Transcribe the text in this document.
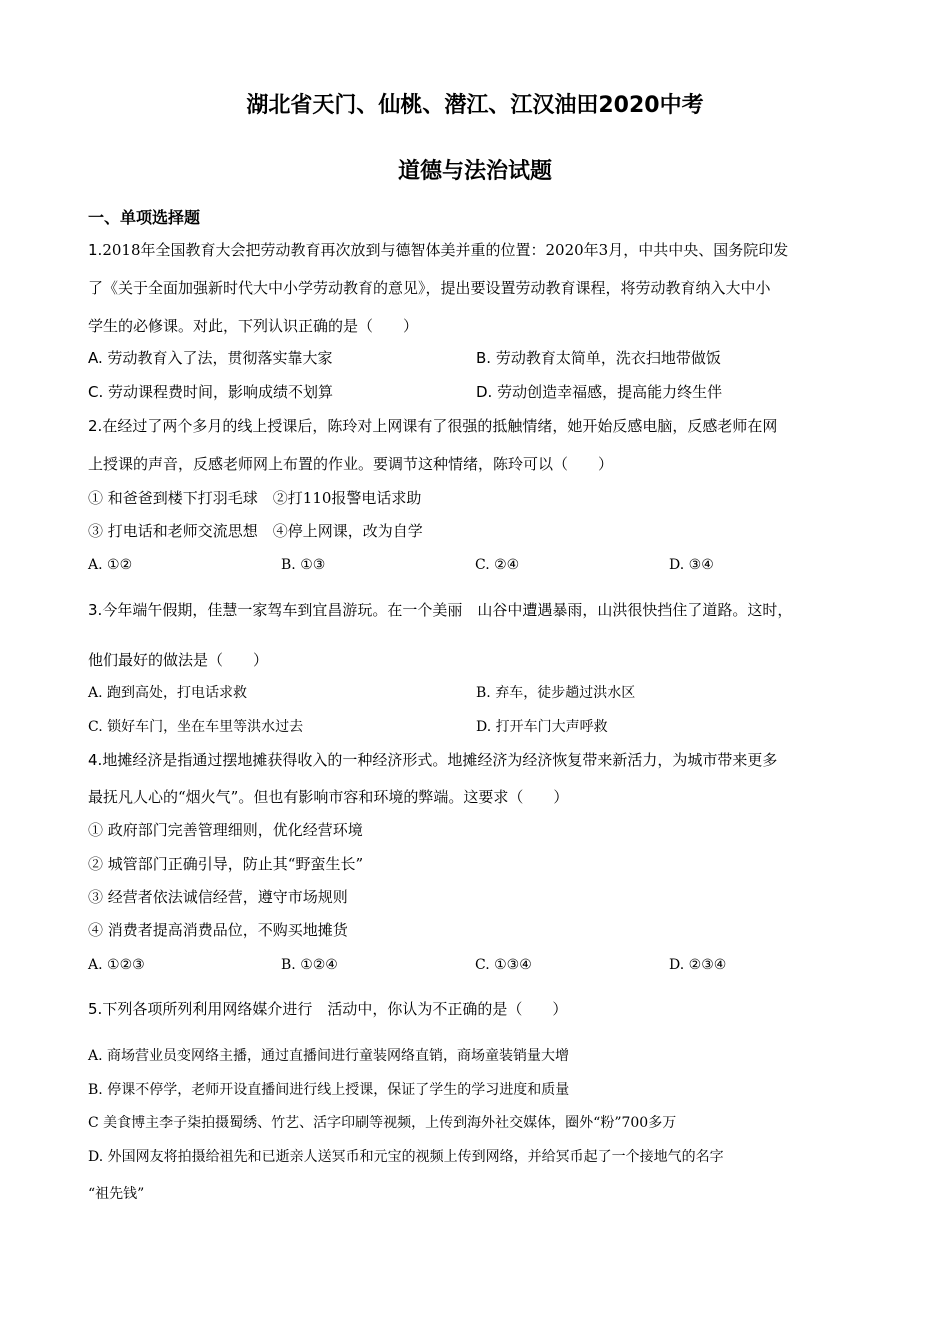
湖北省天门、仙桃、潜江、江汉油田2020中考
道德与法治试题
一、单项选择题
1.2018年全国教育大会把劳动教育再次放到与德智体美并重的位置：2020年3月，中共中央、国务院印发
了《关于全面加强新时代大中小学劳动教育的意见》，提出要设置劳动教育课程，将劳动教育纳入大中小
学生的必修课。对此，下列认识正确的是（　　）
A. 劳动教育入了法，贯彻落实靠大家	B. 劳动教育太简单，洗衣扫地带做饭
C. 劳动课程费时间，影响成绩不划算	D. 劳动创造幸福感，提高能力终生伴
2.在经过了两个多月的线上授课后，陈玲对上网课有了很强的抵触情绪，她开始反感电脑，反感老师在网
上授课的声音，反感老师网上布置的作业。要调节这种情绪，陈玲可以（　　）
① 和爸爸到楼下打羽毛球　②打110报警电话求助
③ 打电话和老师交流思想　④停上网课，改为自学
A. ①②	B. ①③	C. ②④	D. ③④
3.今年端午假期，佳慧一家驾车到宜昌游玩。在一个美丽　山谷中遭遇暴雨，山洪很快挡住了道路。这时，
他们最好的做法是（　　）
A. 跑到高处，打电话求救	B. 弃车，徒步趟过洪水区
C. 锁好车门，坐在车里等洪水过去	D. 打开车门大声呼救
4.地摊经济是指通过摆地摊获得收入的一种经济形式。地摊经济为经济恢复带来新活力，为城市带来更多
最抚凡人心的“烟火气”。但也有影响市容和环境的弊端。这要求（　　）
① 政府部门完善管理细则，优化经营环境
② 城管部门正确引导，防止其“野蛮生长”
③ 经营者依法诚信经营，遵守市场规则
④ 消费者提高消费品位，不购买地摊货
A. ①②③	B. ①②④	C. ①③④	D. ②③④
5.下列各项所列利用网络媒介进行　活动中，你认为不正确的是（　　）
A. 商场营业员变网络主播，通过直播间进行童装网络直销，商场童装销量大增
B. 停课不停学，老师开设直播间进行线上授课，保证了学生的学习进度和质量
C 美食博主李子柒拍摄蜀绣、竹艺、活字印刷等视频，上传到海外社交媒体，圈外“粉”700多万
D. 外国网友将拍摄给祖先和已逝亲人送冥币和元宝的视频上传到网络，并给冥币起了一个接地气的名字
“祖先钱”
